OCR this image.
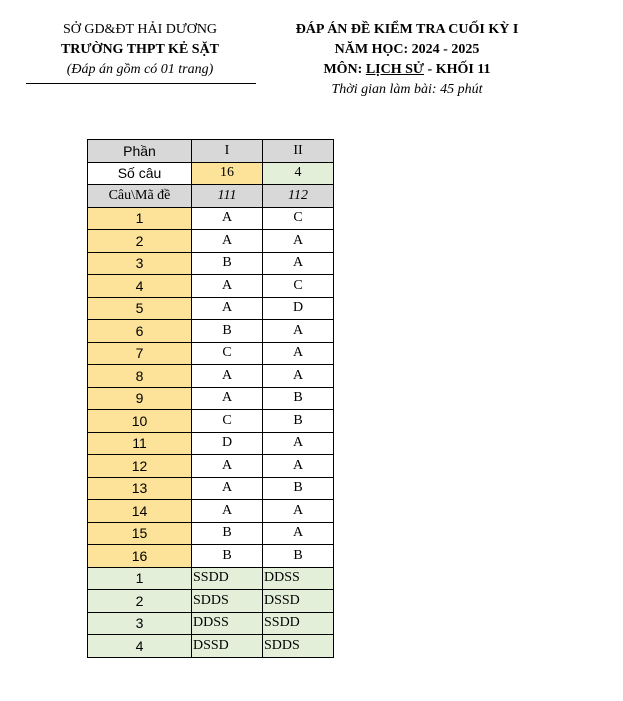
SỞ GD&ĐT HẢI DƯƠNG
TRƯỜNG THPT KẺ SẶT
(Đáp án gồm có 01 trang)
ĐÁP ÁN ĐỀ KIỂM TRA CUỐI KỲ I
NĂM HỌC: 2024 - 2025
MÔN: LỊCH SỬ - KHỐI 11
Thời gian làm bài: 45 phút
Phần	I	II
Số câu	16	4
Câu\Mã đề	111	112
1	A	C
2	A	A
3	B	A
4	A	C
5	A	D
6	B	A
7	C	A
8	A	A
9	A	B
10	C	B
11	D	A
12	A	A
13	A	B
14	A	A
15	B	A
16	B	B
1	SSDD	DDSS
2	SDDS	DSSD
3	DDSS	SSDD
4	DSSD	SDDS
